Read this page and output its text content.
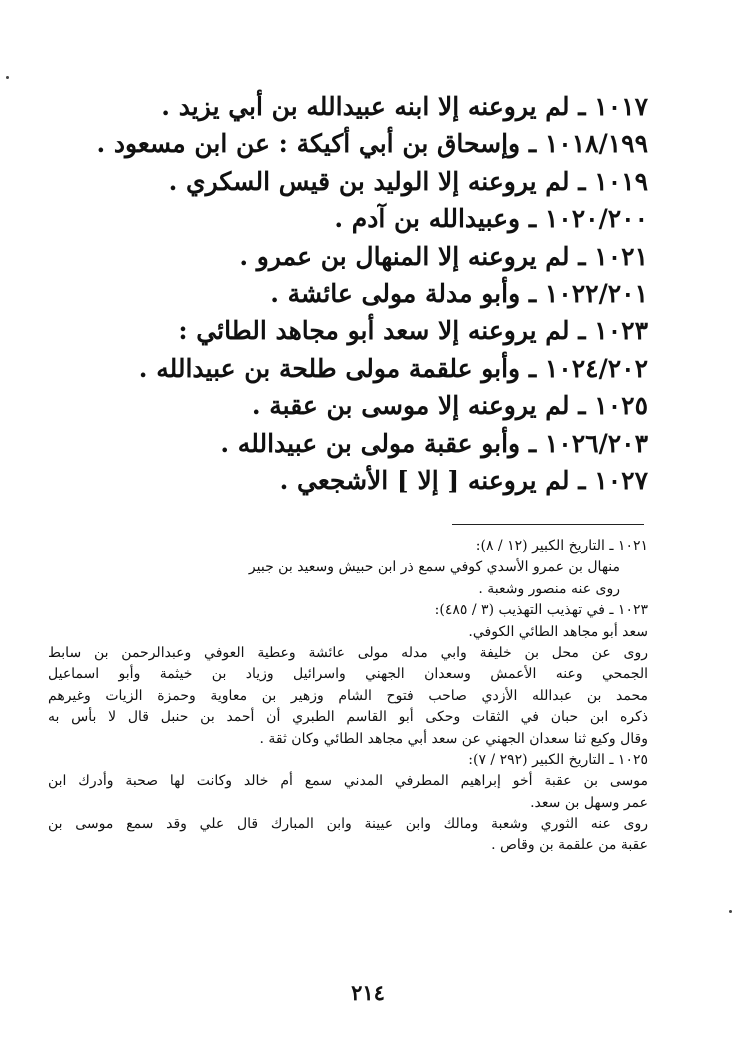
١٠١٧ ـ لم يروعنه إلا ابنه عبيدالله بن أبي يزيد .
١٠١٨/١٩٩ ـ وإسحاق بن أبي أكيكة : عن ابن مسعود .
١٠١٩ ـ لم يروعنه إلا الوليد بن قيس السكري .
١٠٢٠/٢٠٠ ـ وعبيدالله بن آدم .
١٠٢١ ـ لم يروعنه إلا المنهال بن عمرو .
١٠٢٢/٢٠١ ـ وأبو مدلة مولى عائشة .
١٠٢٣ ـ لم يروعنه إلا سعد أبو مجاهد الطائي :
١٠٢٤/٢٠٢ ـ وأبو علقمة مولى طلحة بن عبيدالله .
١٠٢٥ ـ لم يروعنه إلا موسى بن عقبة .
١٠٢٦/٢٠٣ ـ وأبو عقبة مولى بن عبيدالله .
١٠٢٧ ـ لم يروعنه [ إلا ] الأشجعي .
١٠٢١ ـ التاريخ الكبير (١٢ / ٨):
منهال بن عمرو الأسدي كوفي سمع ذر ابن حبيش وسعيد بن جبير
روى عنه منصور وشعبة .
١٠٢٣ ـ في تهذيب التهذيب (٣ / ٤٨٥):
سعد أبو مجاهد الطائي الكوفي.
روى عن محل بن خليفة وابي مدله مولى عائشة وعطية العوفي وعبدالرحمن بن سابط
الجمحي وعنه الأعمش وسعدان الجهني واسرائيل وزياد بن خيثمة وأبو اسماعيل
محمد بن عبدالله الأزدي صاحب فتوح الشام وزهير بن معاوية وحمزة الزيات وغيرهم
ذكره ابن حبان في الثقات وحكى أبو القاسم الطبري أن أحمد بن حنبل قال لا بأس به
وقال وكيع ثنا سعدان الجهني عن سعد أبي مجاهد الطائي وكان ثقة .
١٠٢٥ ـ التاريخ الكبير (٢٩٢ / ٧):
موسى بن عقبة أخو إبراهيم المطرفي المدني سمع أم خالد وكانت لها صحبة وأدرك ابن
عمر وسهل بن سعد.
روى عنه الثوري وشعبة ومالك وابن عيينة وابن المبارك قال علي وقد سمع موسى بن
عقبة من علقمة بن وقاص .
٢١٤
